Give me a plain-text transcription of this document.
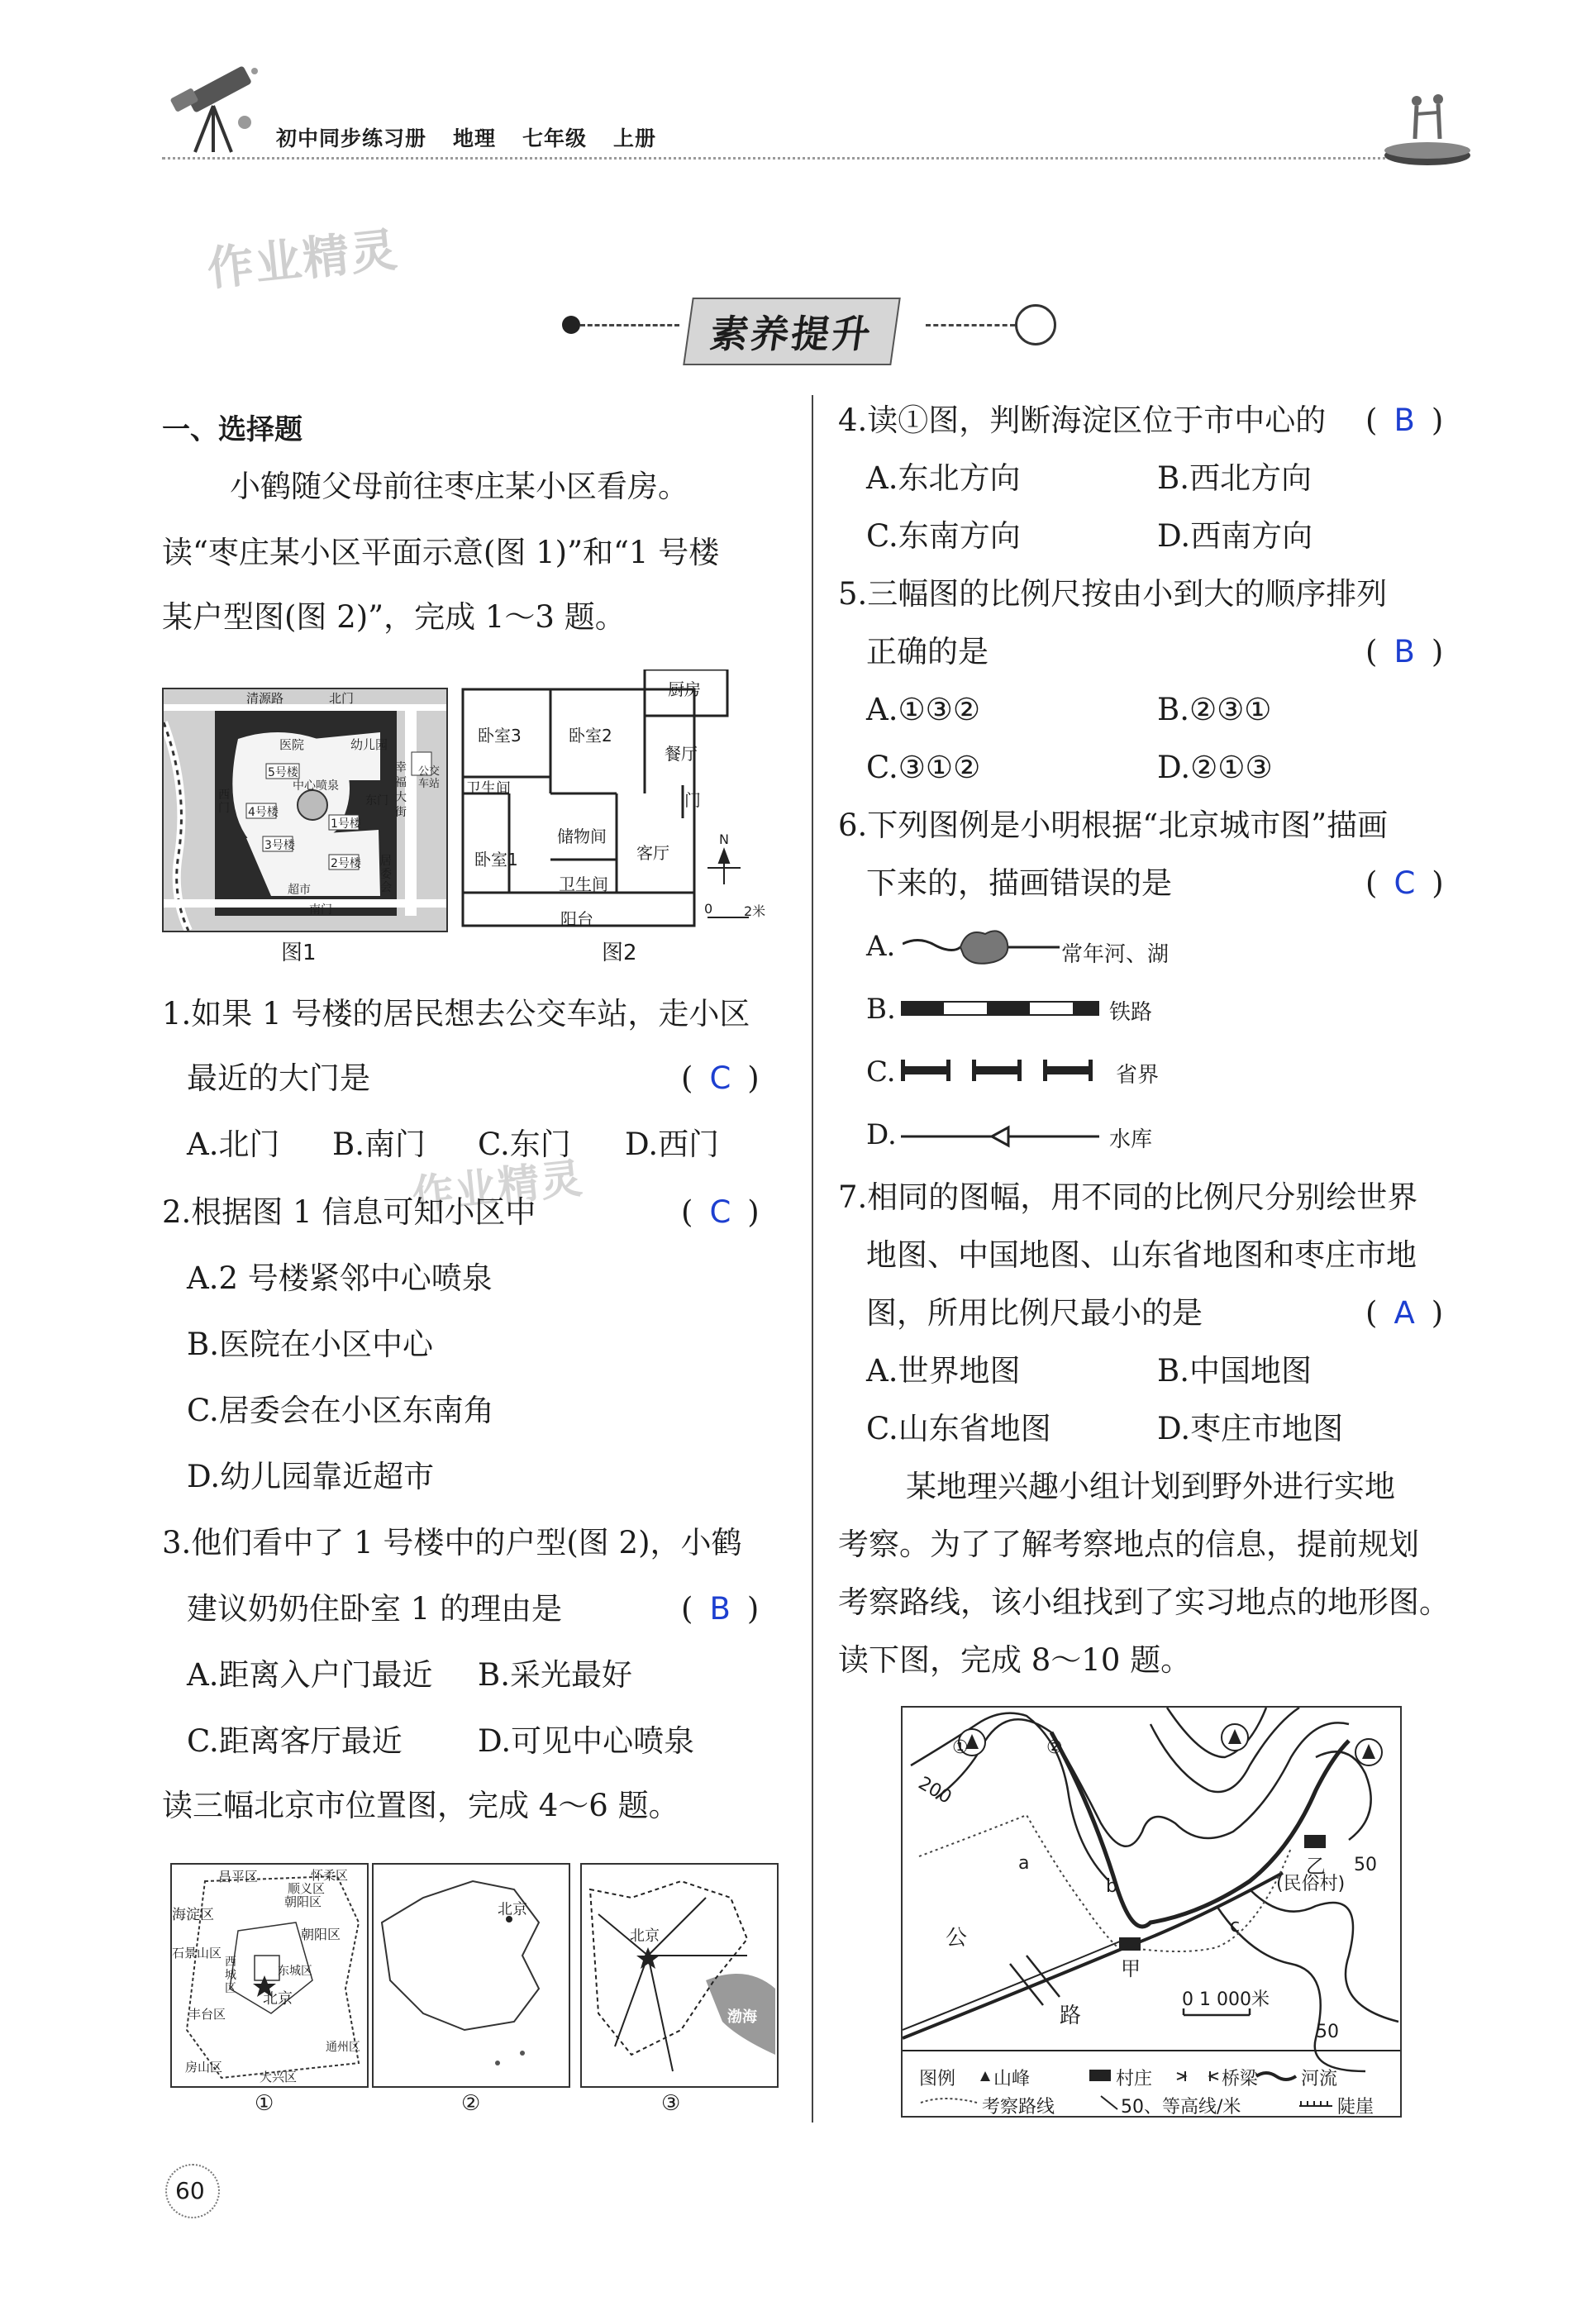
初中同步练习册 地理 七年级 上册
作业精灵
素养提升
一、选择题
小鹤随父母前往枣庄某小区看房。
读“枣庄某小区平面示意(图 1)”和“1 号楼
某户型图(图 2)”，完成 1～3 题。
清源路	北门
医院	幼儿园
5号楼
4号楼
中心喷泉
3号楼
1号楼
东门
2号楼
超市
居委会
南门
西门
幸福大街
公交车站
图1
厨房
卧室3	卧室2
餐厅
卫生间
门
储物间
客厅
卧室1
卫生间
阳台
N
0 2米
图2
1.如果 1 号楼的居民想去公交车站，走小区
最近的大门是	( C )
A.北门 B.南门 C.东门 D.西门
作业精灵
2.根据图 1 信息可知小区中	( C )
A.2 号楼紧邻中心喷泉
B.医院在小区中心
C.居委会在小区东南角
D.幼儿园靠近超市
3.他们看中了 1 号楼中的户型(图 2)，小鹤
建议奶奶住卧室 1 的理由是	( B )
A.距离入户门最近 B.采光最好
C.距离客厅最近 D.可见中心喷泉
读三幅北京市位置图，完成 4～6 题。
昌平区
顺义区
怀柔区
海淀区
朝阳区
石景山区
西城区
朝阳区
东城区
北京
丰台区
房山区
大兴区
通州区
北京
北京
渤海
①	②	③
4.读①图，判断海淀区位于市中心的 ( B )
A.东北方向	B.西北方向
C.东南方向	D.西南方向
5.三幅图的比例尺按由小到大的顺序排列
正确的是	( B )
A.①③②	B.②③①
C.③①②	D.②①③
6.下列图例是小明根据“北京城市图”描画
下来的，描画错误的是	( C )
A.	常年河、湖
B.	铁路
C.	省界
D.	水库
7.相同的图幅，用不同的比例尺分别绘世界
地图、中国地图、山东省地图和枣庄市地
图，所用比例尺最小的是	( A )
A.世界地图	B.中国地图
C.山东省地图	D.枣庄市地图
某地理兴趣小组计划到野外进行实地
考察。为了了解考察地点的信息，提前规划
考察路线，该小组找到了实习地点的地形图。
读下图，完成 8～10 题。
①	②
200
a
b
c
乙
(民俗村)
50
50
公
路
甲
0 1 000米
图例 山峰	村庄	桥梁 河流
考察路线	50、等高线/米	陡崖
60
